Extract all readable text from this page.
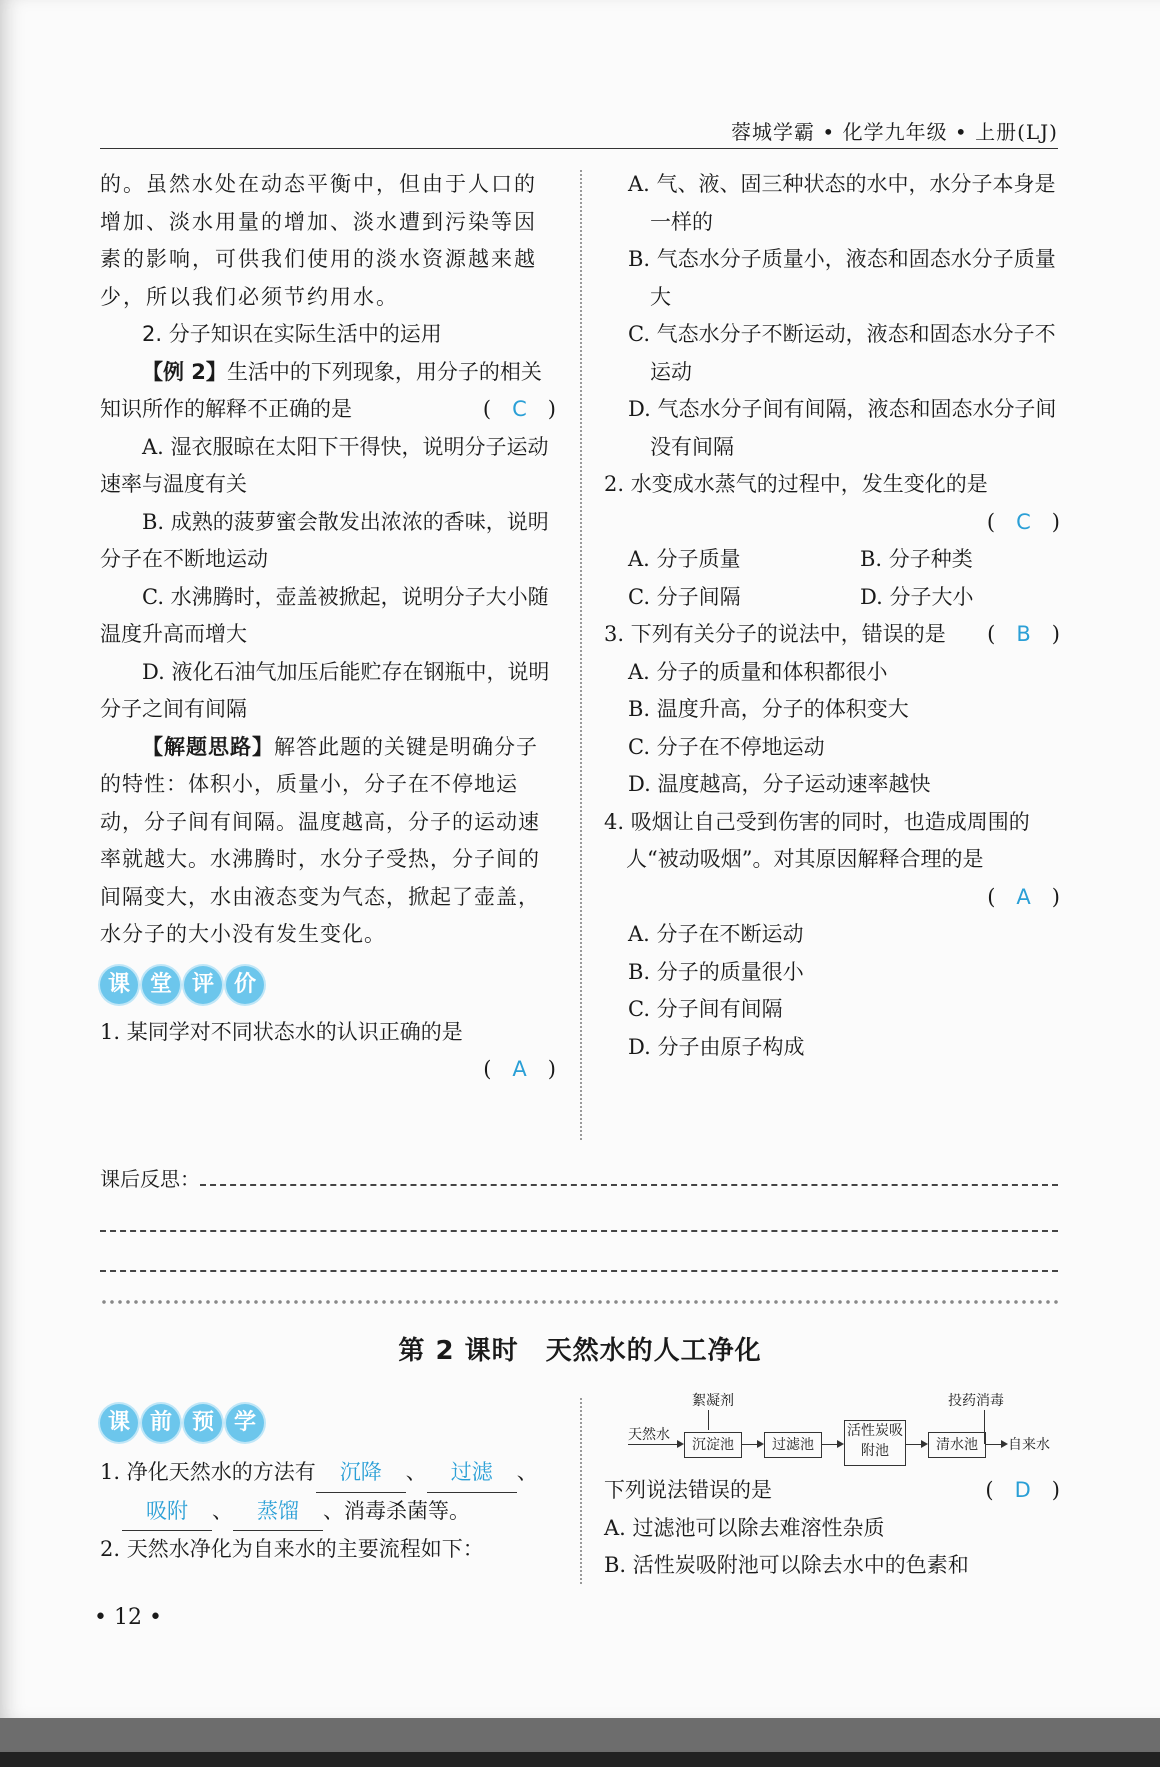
蓉城学霸 • 化学九年级 • 上册(LJ)

的。虽然水处在动态平衡中，但由于人口的增加、淡水用量的增加、淡水遭到污染等因素的影响，可供我们使用的淡水资源越来越少，所以我们必须节约用水。

2. 分子知识在实际生活中的运用

【例 2】生活中的下列现象，用分子的相关知识所作的解释不正确的是	(　C　)

A. 湿衣服晾在太阳下干得快，说明分子运动速率与温度有关

B. 成熟的菠萝蜜会散发出浓浓的香味，说明分子在不断地运动

C. 水沸腾时，壶盖被掀起，说明分子大小随温度升高而增大

D. 液化石油气加压后能贮存在钢瓶中，说明分子之间有间隔

【解题思路】解答此题的关键是明确分子的特性：体积小，质量小，分子在不停地运动，分子间有间隔。温度越高，分子的运动速率就越大。水沸腾时，水分子受热，分子间的间隔变大，水由液态变为气态，掀起了壶盖，水分子的大小没有发生变化。

课 堂 评 价

1. 某同学对不同状态水的认识正确的是

(　A　)

A. 气、液、固三种状态的水中，水分子本身是一样的

B. 气态水分子质量小，液态和固态水分子质量大

C. 气态水分子不断运动，液态和固态水分子不运动

D. 气态水分子间有间隔，液态和固态水分子间没有间隔

2. 水变成水蒸气的过程中，发生变化的是

(　C　)

A. 分子质量	B. 分子种类
C. 分子间隔	D. 分子大小

3. 下列有关分子的说法中，错误的是 (　B　)

A. 分子的质量和体积都很小

B. 温度升高，分子的体积变大

C. 分子在不停地运动

D. 温度越高，分子运动速率越快

4. 吸烟让自己受到伤害的同时，也造成周围的人“被动吸烟”。对其原因解释合理的是

(　A　)

A. 分子在不断运动

B. 分子的质量很小

C. 分子间有间隔

D. 分子由原子构成

课后反思：
第 2 课时　天然水的人工净化
课 前 预 学

1. 净化天然水的方法有 沉降 、 过滤 、
吸附 、 蒸馏 、消毒杀菌等。

2. 天然水净化为自来水的主要流程如下：

天然水
絮凝剂
沉淀池	过滤池
活性炭吸附池	清水池
投药消毒
自来水

下列说法错误的是	(　D　)

A. 过滤池可以除去难溶性杂质

B. 活性炭吸附池可以除去水中的色素和

• 12 •
